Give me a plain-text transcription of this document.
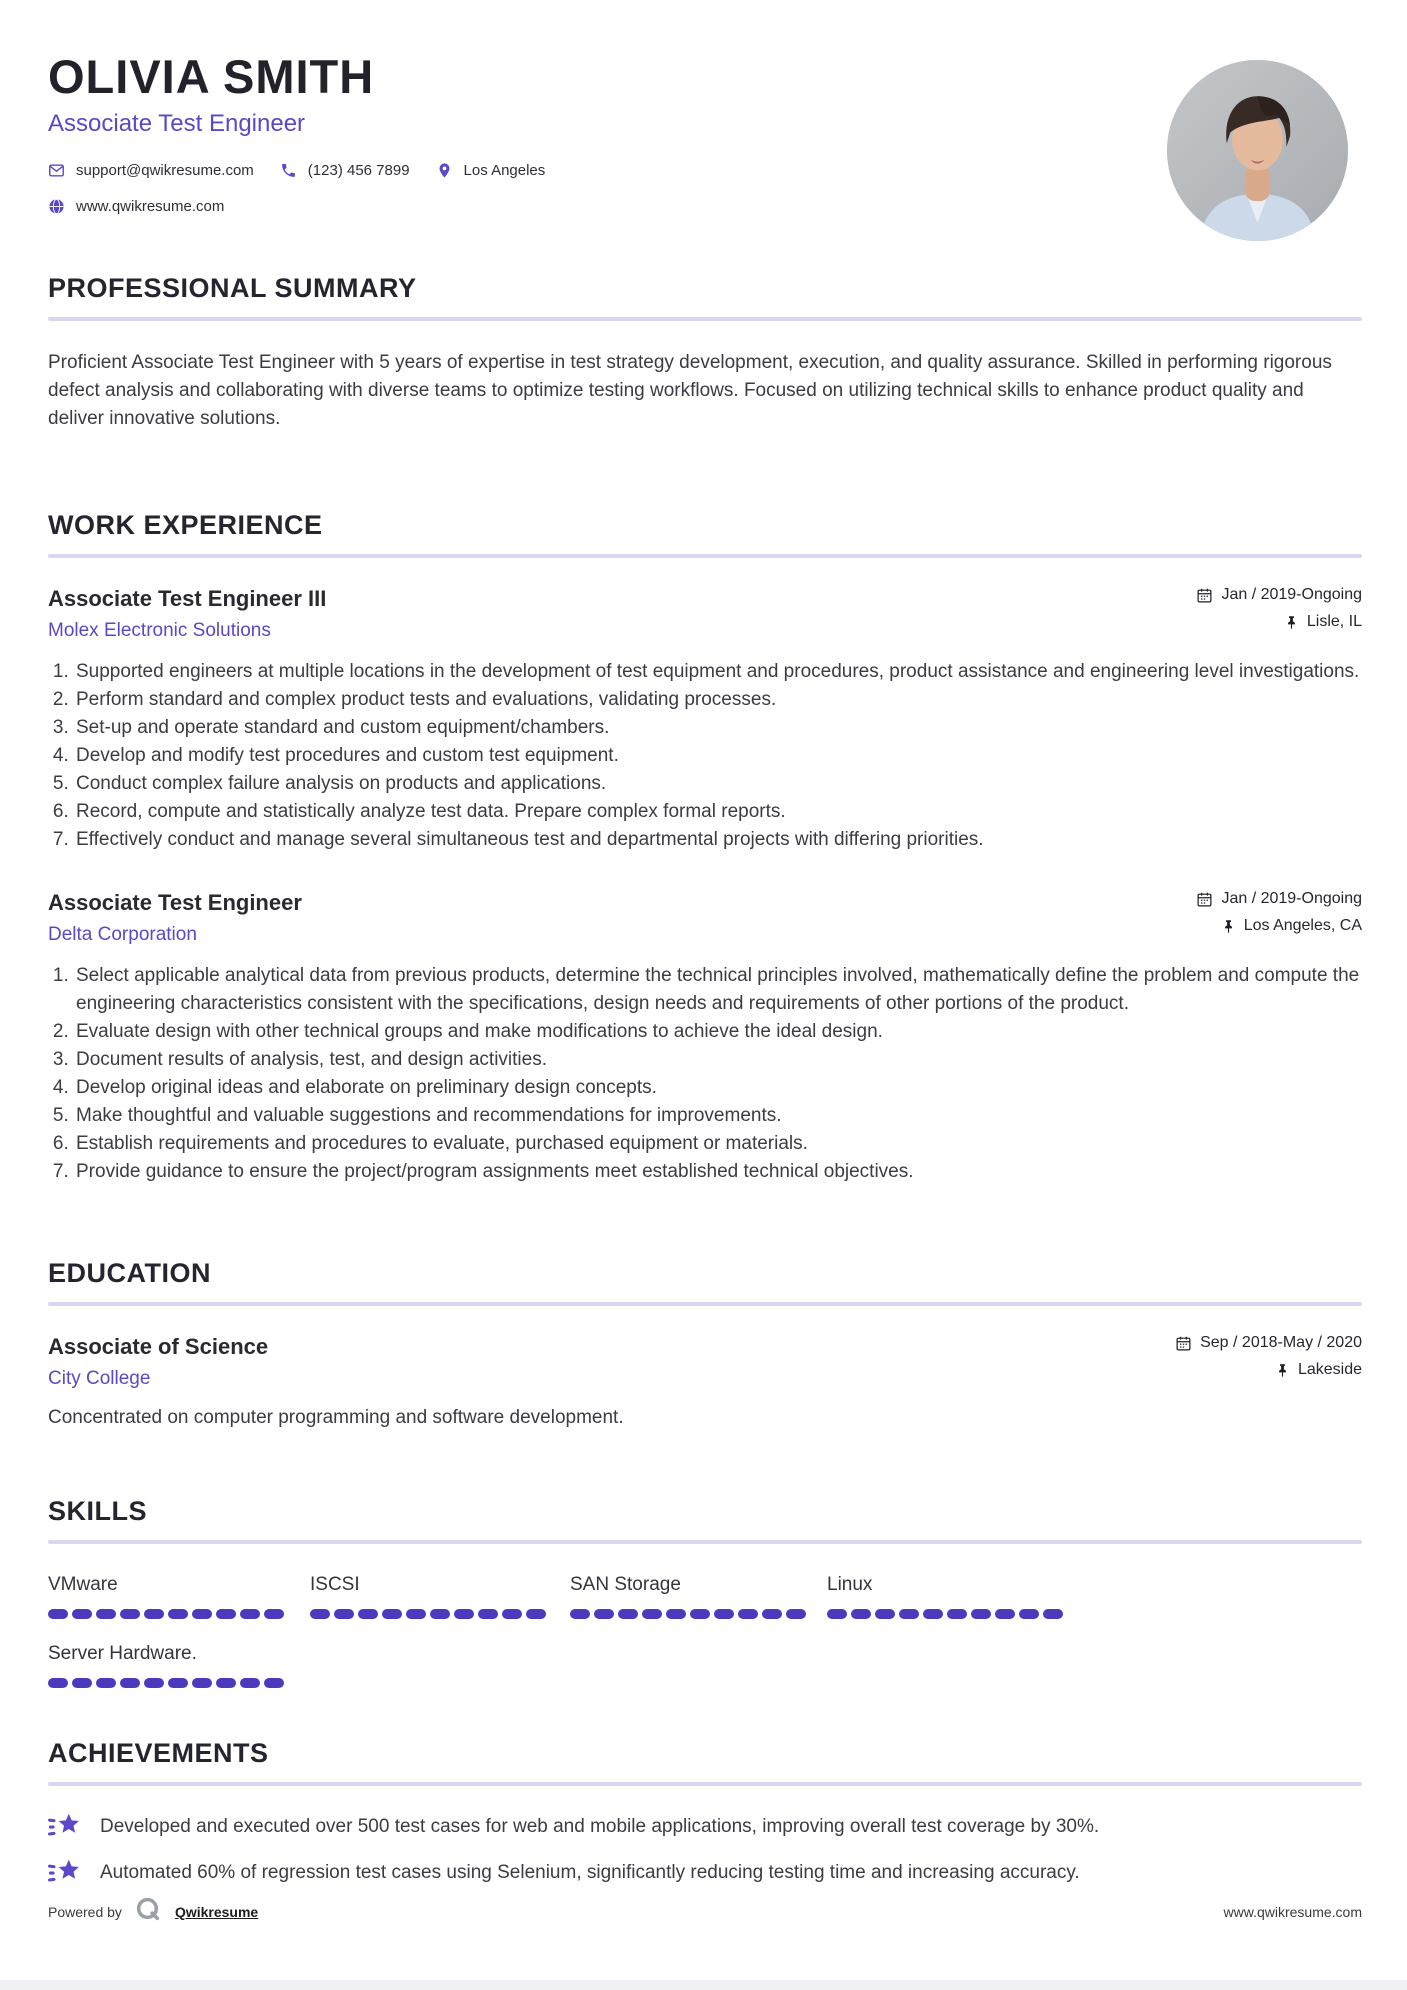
OLIVIA SMITH
Associate Test Engineer
support@qwikresume.com	(123) 456 7899	Los Angeles
www.qwikresume.com
PROFESSIONAL SUMMARY

Proficient Associate Test Engineer with 5 years of expertise in test strategy development, execution, and quality assurance. Skilled in performing rigorous defect analysis and collaborating with diverse teams to optimize testing workflows. Focused on utilizing technical skills to enhance product quality and deliver innovative solutions.

WORK EXPERIENCE
Associate Test Engineer III
Molex Electronic Solutions
Jan / 2019-Ongoing
Lisle, IL
1. Supported engineers at multiple locations in the development of test equipment and procedures, product assistance and engineering level investigations.
2. Perform standard and complex product tests and evaluations, validating processes.
3. Set-up and operate standard and custom equipment/chambers.
4. Develop and modify test procedures and custom test equipment.
5. Conduct complex failure analysis on products and applications.
6. Record, compute and statistically analyze test data. Prepare complex formal reports.
7. Effectively conduct and manage several simultaneous test and departmental projects with differing priorities.
Associate Test Engineer
Delta Corporation
Jan / 2019-Ongoing
Los Angeles, CA
1. Select applicable analytical data from previous products, determine the technical principles involved, mathematically define the problem and compute the engineering characteristics consistent with the specifications, design needs and requirements of other portions of the product.
2. Evaluate design with other technical groups and make modifications to achieve the ideal design.
3. Document results of analysis, test, and design activities.
4. Develop original ideas and elaborate on preliminary design concepts.
5. Make thoughtful and valuable suggestions and recommendations for improvements.
6. Establish requirements and procedures to evaluate, purchased equipment or materials.
7. Provide guidance to ensure the project/program assignments meet established technical objectives.
EDUCATION
Associate of Science
City College
Sep / 2018-May / 2020
Lakeside
Concentrated on computer programming and software development.
SKILLS
VMware	ISCSI	SAN Storage	Linux
Server Hardware.
ACHIEVEMENTS
Developed and executed over 500 test cases for web and mobile applications, improving overall test coverage by 30%.
Automated 60% of regression test cases using Selenium, significantly reducing testing time and increasing accuracy.
Powered by	Qwikresume	www.qwikresume.com
